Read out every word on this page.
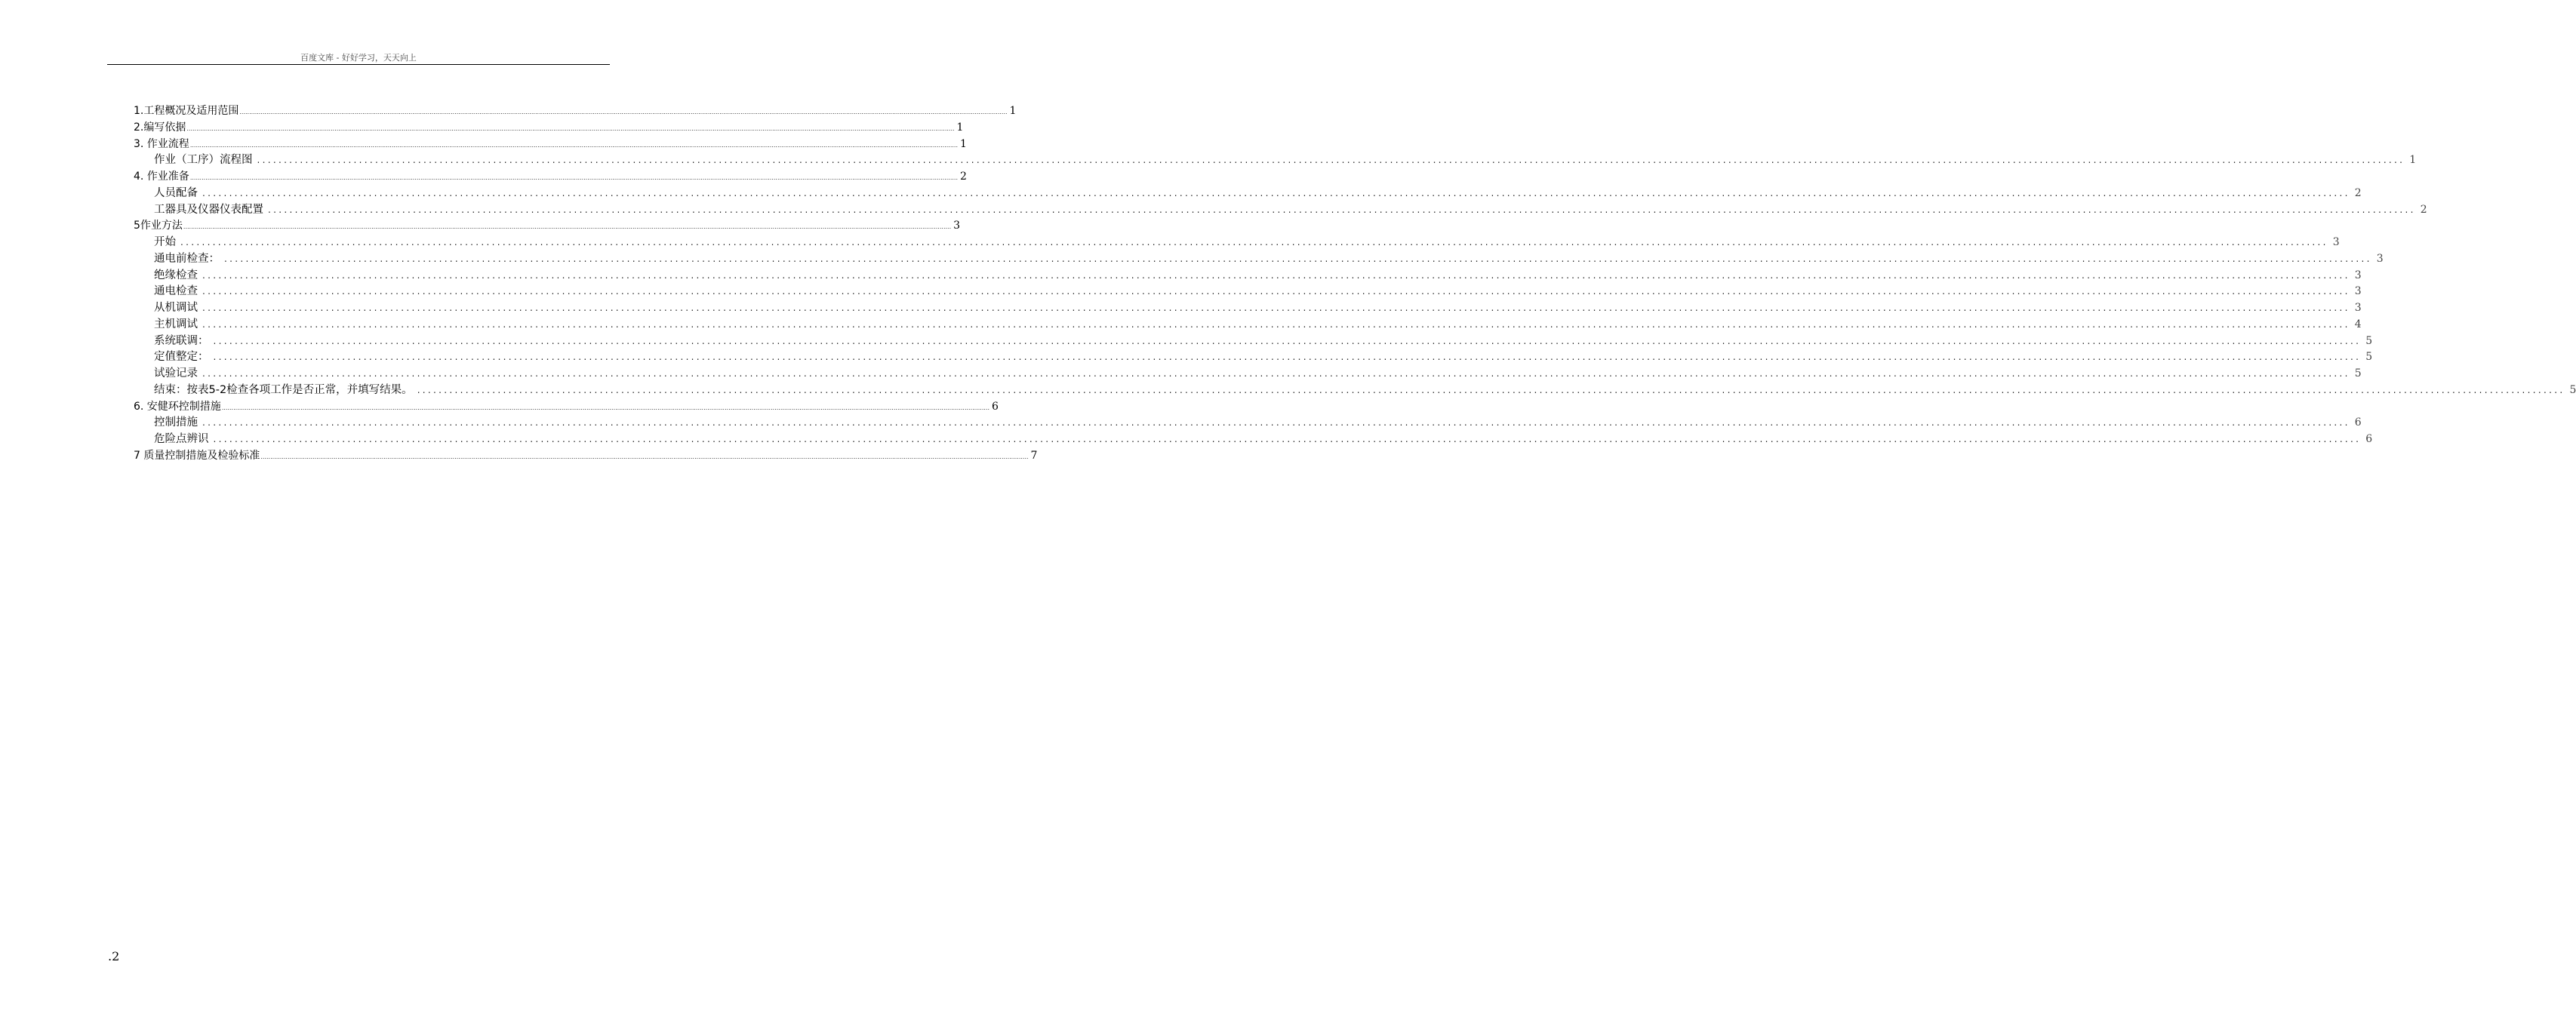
百度文库 - 好好学习，天天向上
1.工程概况及适用范围 ................................................................................................................................................................................................................................................................................................................................................................................................................ 1
2.编写依据 ................................................................................................................................................................................................................................................................................................................................................................................................................ 1
3. 作业流程 ................................................................................................................................................................................................................................................................................................................................................................................................................ 1
作业（工序）流程图 ................................................................................................................................................................................................................................................................................................................................................................................................................ 1
4. 作业准备 ................................................................................................................................................................................................................................................................................................................................................................................................................ 2
人员配备 ................................................................................................................................................................................................................................................................................................................................................................................................................ 2
工器具及仪器仪表配置 ................................................................................................................................................................................................................................................................................................................................................................................................................ 2
5作业方法 ................................................................................................................................................................................................................................................................................................................................................................................................................ 3
开始 ................................................................................................................................................................................................................................................................................................................................................................................................................ 3
通电前检查： ................................................................................................................................................................................................................................................................................................................................................................................................................ 3
绝缘检查 ................................................................................................................................................................................................................................................................................................................................................................................................................ 3
通电检查 ................................................................................................................................................................................................................................................................................................................................................................................................................ 3
从机调试 ................................................................................................................................................................................................................................................................................................................................................................................................................ 3
主机调试 ................................................................................................................................................................................................................................................................................................................................................................................................................ 4
系统联调： ................................................................................................................................................................................................................................................................................................................................................................................................................ 5
定值整定： ................................................................................................................................................................................................................................................................................................................................................................................................................ 5
试验记录 ................................................................................................................................................................................................................................................................................................................................................................................................................ 5
结束：按表5-2检查各项工作是否正常，并填写结果。 ................................................................................................................................................................................................................................................................................................................................................................................................................ 5
6. 安健环控制措施 ................................................................................................................................................................................................................................................................................................................................................................................................................ 6
控制措施 ................................................................................................................................................................................................................................................................................................................................................................................................................ 6
危险点辨识 ................................................................................................................................................................................................................................................................................................................................................................................................................ 6
7 质量控制措施及检验标准 ................................................................................................................................................................................................................................................................................................................................................................................................................ 7
.2
